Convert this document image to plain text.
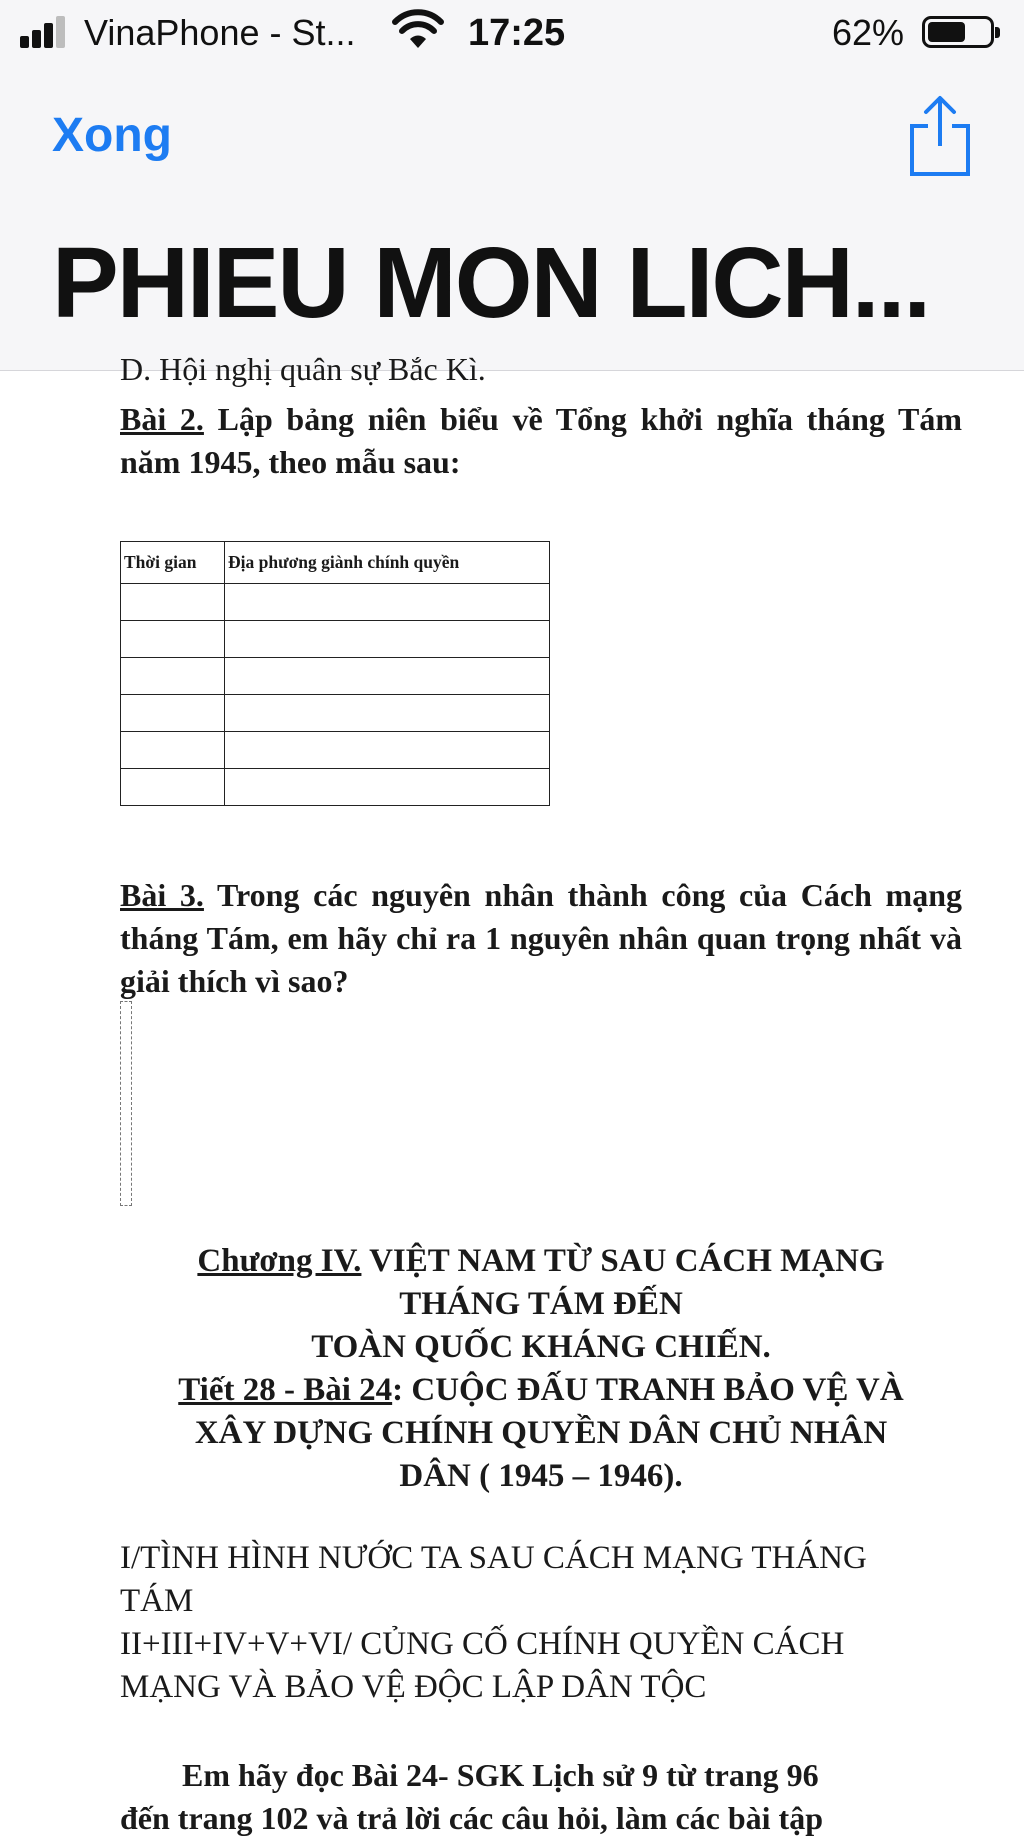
VinaPhone - St...	17:25	62%
Xong
PHIEU MON LICH...
D. Hội nghị quân sự Bắc Kì.
Bài 2. Lập bảng niên biểu về Tổng khởi nghĩa tháng Tám năm 1945, theo mẫu sau:
Thời gian	Địa phương giành chính quyền

Bài 3. Trong các nguyên nhân thành công của Cách mạng tháng Tám, em hãy chỉ ra 1 nguyên nhân quan trọng nhất và giải thích vì sao?
Chương IV. VIỆT NAM TỪ SAU CÁCH MẠNG
THÁNG TÁM ĐẾN
TOÀN QUỐC KHÁNG CHIẾN.
Tiết 28 - Bài 24: CUỘC ĐẤU TRANH BẢO VỆ VÀ
XÂY DỰNG CHÍNH QUYỀN DÂN CHỦ NHÂN
DÂN ( 1945 – 1946).
I/TÌNH HÌNH NƯỚC TA SAU CÁCH MẠNG THÁNG
TÁM
II+III+IV+V+VI/ CỦNG CỐ CHÍNH QUYỀN CÁCH
MẠNG VÀ BẢO VỆ ĐỘC LẬP DÂN TỘC
Em hãy đọc Bài 24- SGK Lịch sử 9 từ trang 96
đến trang 102 và trả lời các câu hỏi, làm các bài tập
